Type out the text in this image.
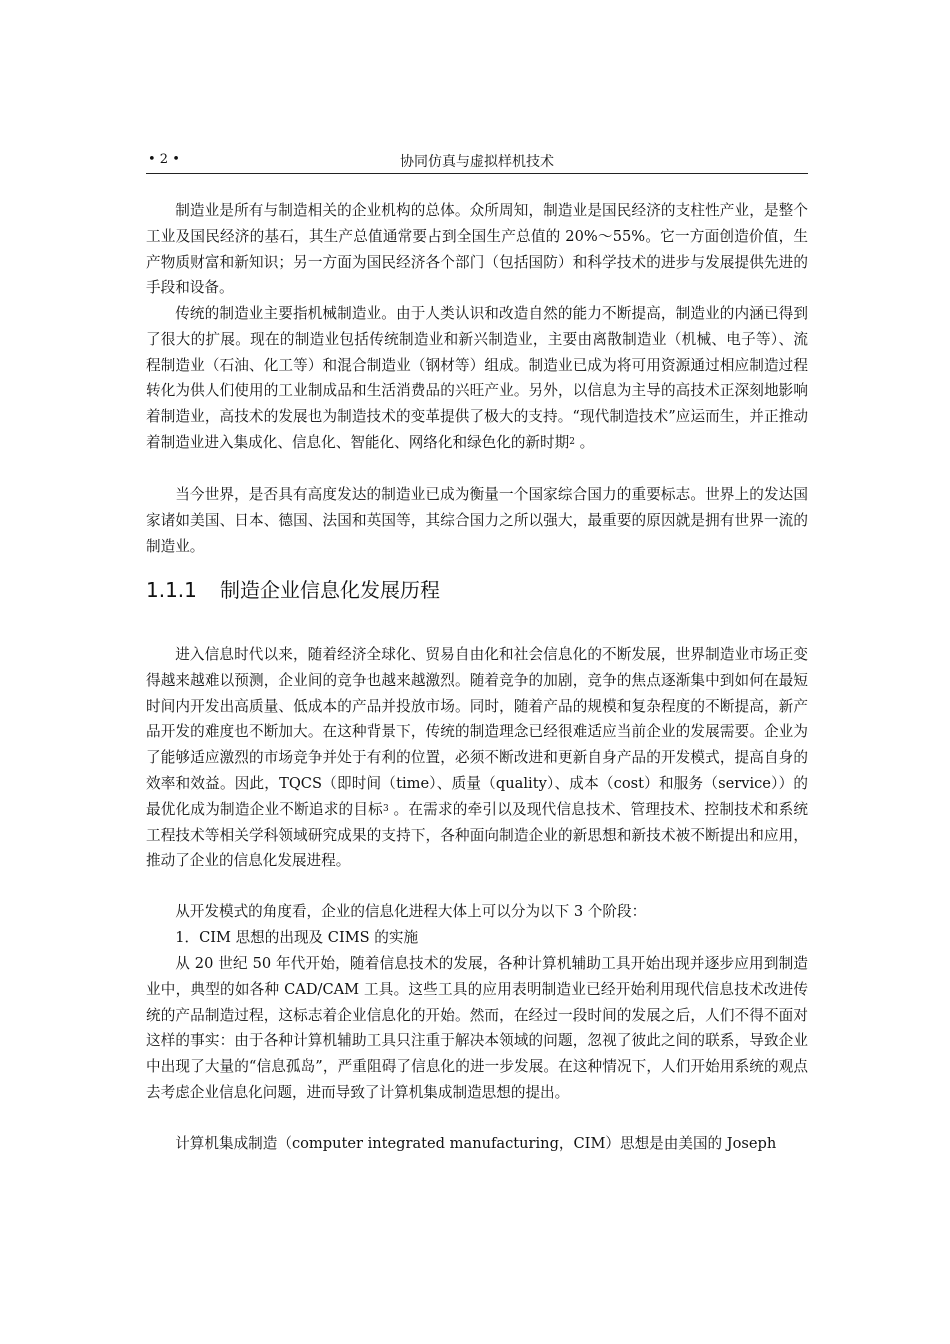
• 2 •	协同仿真与虚拟样机技术
制造业是所有与制造相关的企业机构的总体。众所周知，制造业是国民经济的支柱性产业，是整个工业及国民经济的基石，其生产总值通常要占到全国生产总值的 20%～55%。它一方面创造价值，生产物质财富和新知识；另一方面为国民经济各个部门（包括国防）和科学技术的进步与发展提供先进的手段和设备。
传统的制造业主要指机械制造业。由于人类认识和改造自然的能力不断提高，制造业的内涵已得到了很大的扩展。现在的制造业包括传统制造业和新兴制造业，主要由离散制造业（机械、电子等）、流程制造业（石油、化工等）和混合制造业（钢材等）组成。制造业已成为将可用资源通过相应制造过程转化为供人们使用的工业制成品和生活消费品的兴旺产业。另外，以信息为主导的高技术正深刻地影响着制造业，高技术的发展也为制造技术的变革提供了极大的支持。“现代制造技术”应运而生，并正推动着制造业进入集成化、信息化、智能化、网络化和绿色化的新时期$^2$ 。
当今世界，是否具有高度发达的制造业已成为衡量一个国家综合国力的重要标志。世界上的发达国家诸如美国、日本、德国、法国和英国等，其综合国力之所以强大，最重要的原因就是拥有世界一流的制造业。
1.1.1 制造企业信息化发展历程
进入信息时代以来，随着经济全球化、贸易自由化和社会信息化的不断发展，世界制造业市场正变得越来越难以预测，企业间的竞争也越来越激烈。随着竞争的加剧，竞争的焦点逐渐集中到如何在最短时间内开发出高质量、低成本的产品并投放市场。同时，随着产品的规模和复杂程度的不断提高，新产品开发的难度也不断加大。在这种背景下，传统的制造理念已经很难适应当前企业的发展需要。企业为了能够适应激烈的市场竞争并处于有利的位置，必须不断改进和更新自身产品的开发模式，提高自身的效率和效益。因此，TQCS（即时间（time）、质量（quality）、成本（cost）和服务（service））的最优化成为制造企业不断追求的目标$^3$ 。在需求的牵引以及现代信息技术、管理技术、控制技术和系统工程技术等相关学科领域研究成果的支持下，各种面向制造企业的新思想和新技术被不断提出和应用，推动了企业的信息化发展进程。
从开发模式的角度看，企业的信息化进程大体上可以分为以下 3 个阶段：
1．CIM 思想的出现及 CIMS 的实施
从 20 世纪 50 年代开始，随着信息技术的发展，各种计算机辅助工具开始出现并逐步应用到制造业中，典型的如各种 CAD/CAM 工具。这些工具的应用表明制造业已经开始利用现代信息技术改进传统的产品制造过程，这标志着企业信息化的开始。然而，在经过一段时间的发展之后，人们不得不面对这样的事实：由于各种计算机辅助工具只注重于解决本领域的问题，忽视了彼此之间的联系，导致企业中出现了大量的“信息孤岛”，严重阻碍了信息化的进一步发展。在这种情况下，人们开始用系统的观点去考虑企业信息化问题，进而导致了计算机集成制造思想的提出。
计算机集成制造（computer integrated manufacturing，CIM）思想是由美国的 Joseph
